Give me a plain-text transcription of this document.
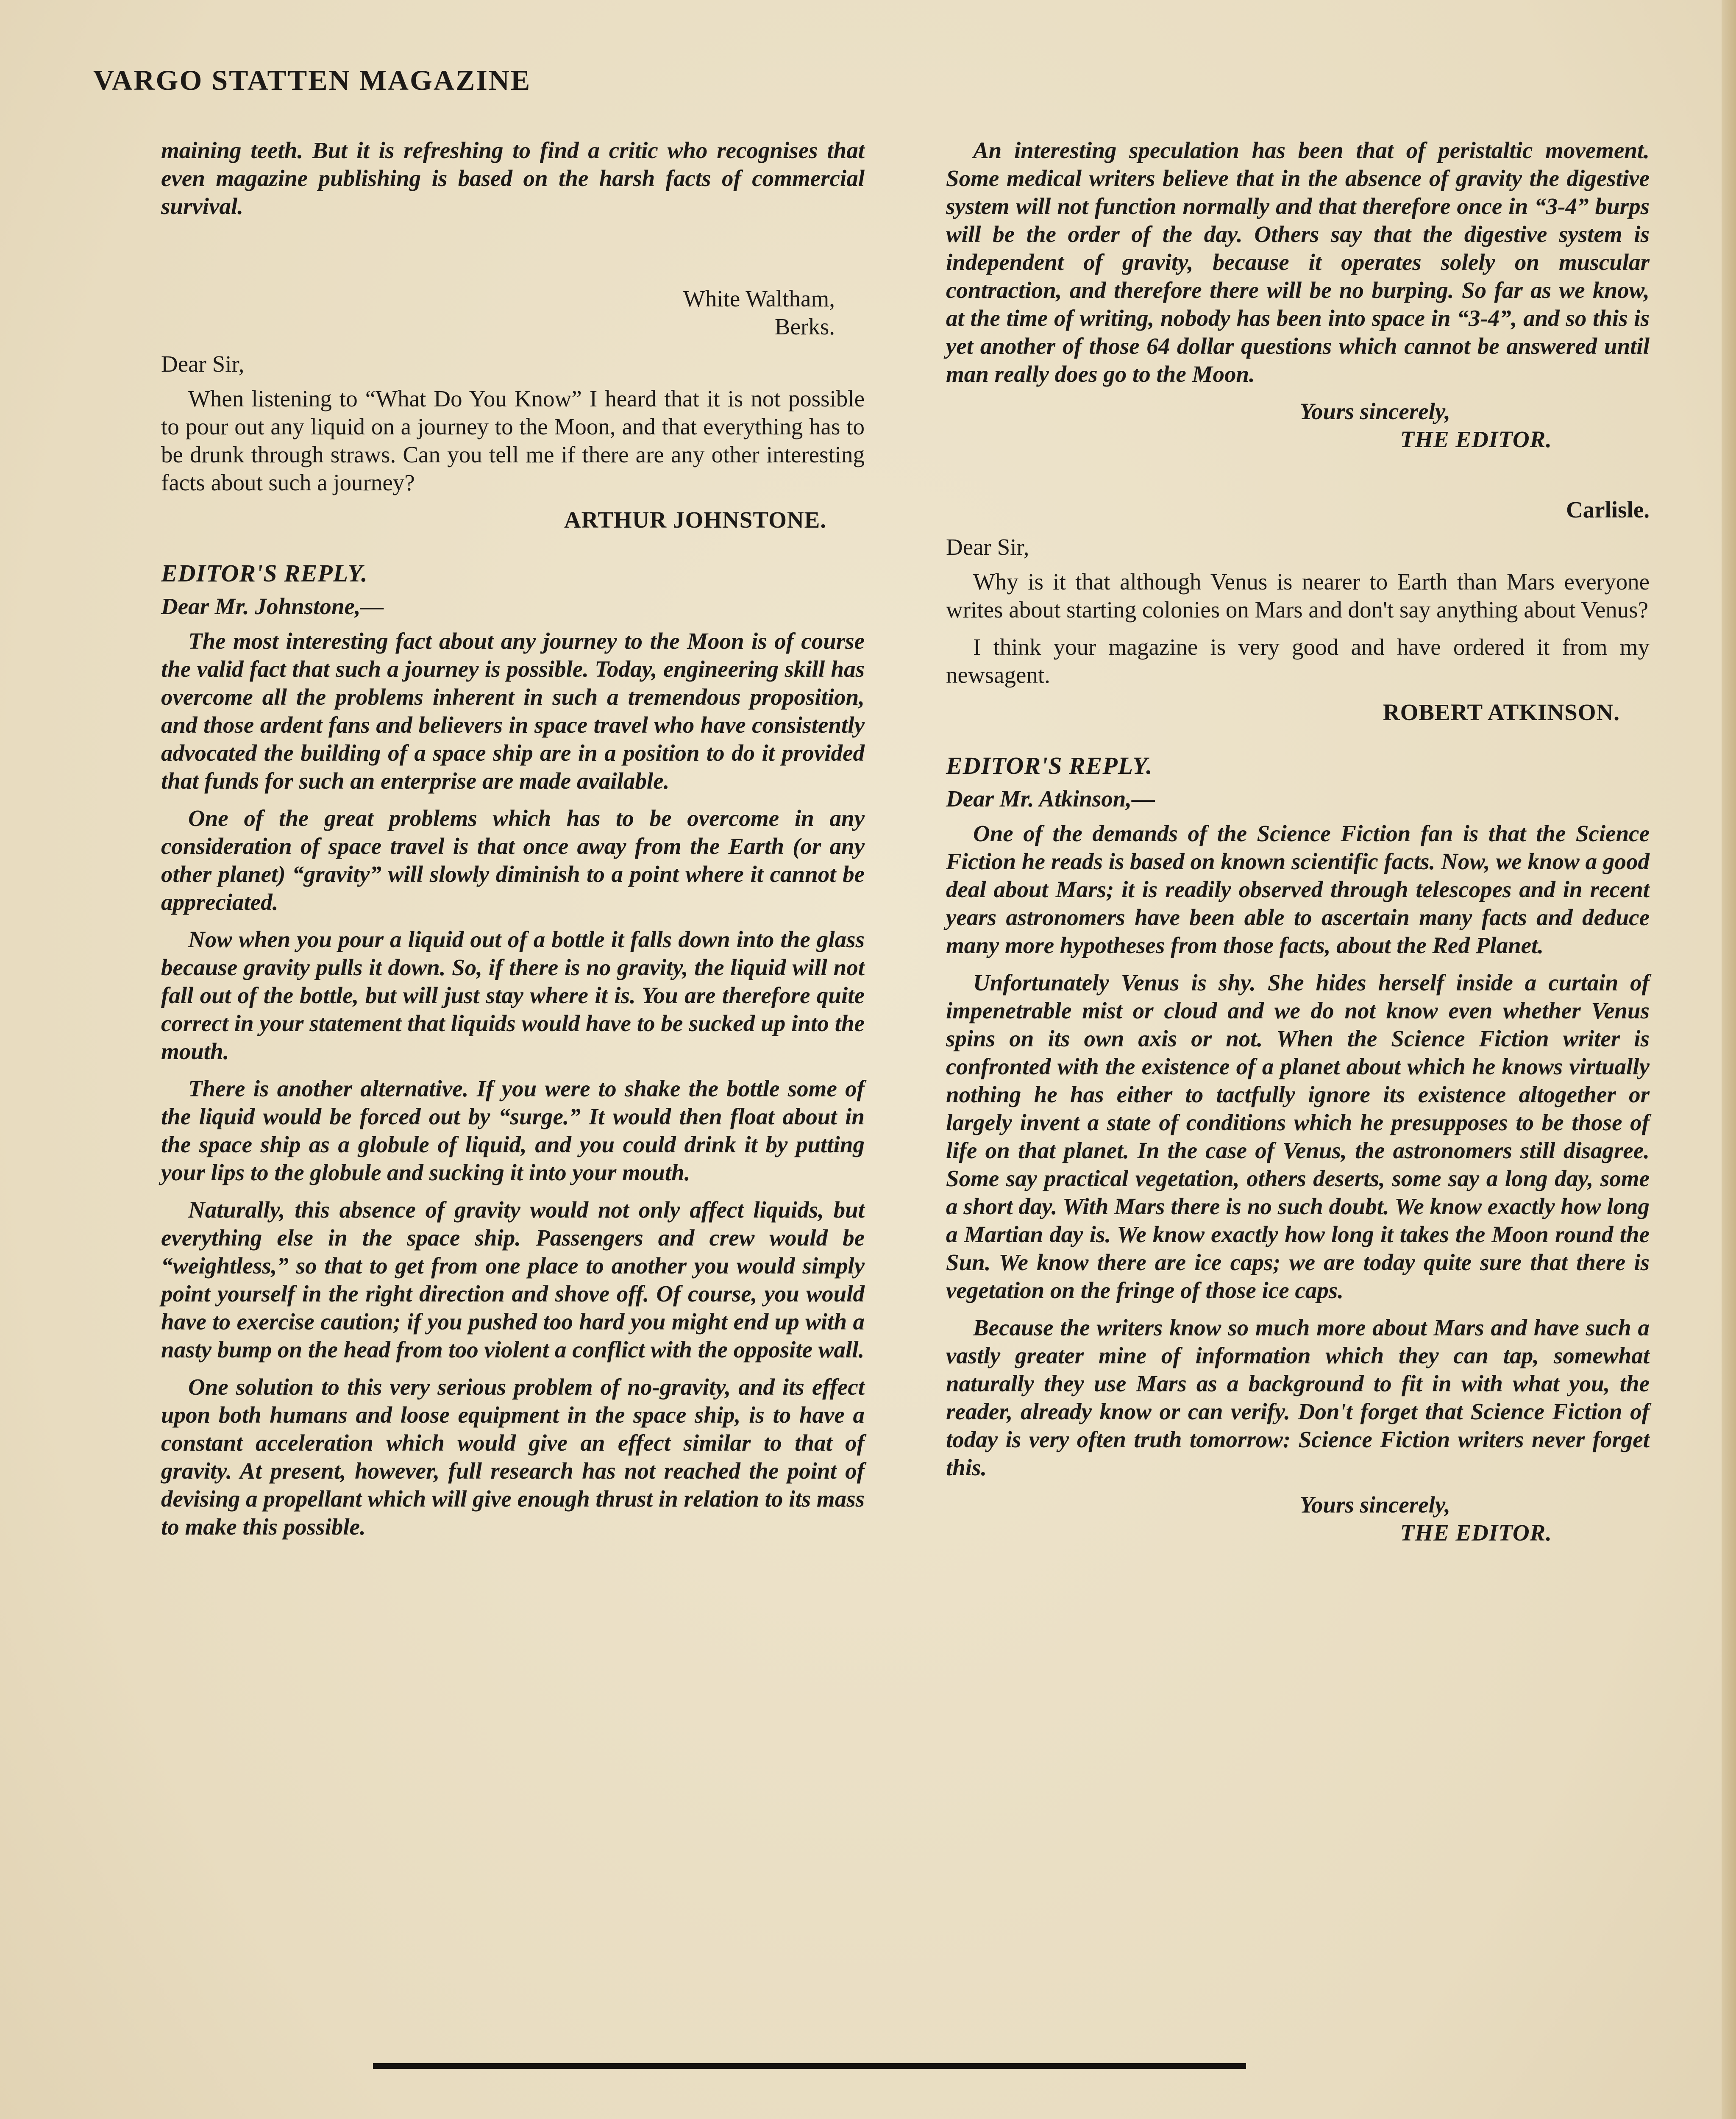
VARGO STATTEN MAGAZINE

maining teeth. But it is refreshing to find a critic who recognises that even magazine publishing is based on the harsh facts of commercial survival.

White Waltham,
Berks.

Dear Sir,

When listening to “What Do You Know” I heard that it is not possible to pour out any liquid on a journey to the Moon, and that everything has to be drunk through straws. Can you tell me if there are any other interesting facts about such a journey?

ARTHUR JOHNSTONE.

EDITOR'S REPLY.

Dear Mr. Johnstone,—

The most interesting fact about any journey to the Moon is of course the valid fact that such a journey is possible. Today, engineering skill has overcome all the problems inherent in such a tremendous proposition, and those ardent fans and believers in space travel who have consistently advocated the building of a space ship are in a position to do it provided that funds for such an enterprise are made available.

One of the great problems which has to be overcome in any consideration of space travel is that once away from the Earth (or any other planet) “gravity” will slowly diminish to a point where it cannot be appreciated.

Now when you pour a liquid out of a bottle it falls down into the glass because gravity pulls it down. So, if there is no gravity, the liquid will not fall out of the bottle, but will just stay where it is. You are therefore quite correct in your statement that liquids would have to be sucked up into the mouth.

There is another alternative. If you were to shake the bottle some of the liquid would be forced out by “surge.” It would then float about in the space ship as a globule of liquid, and you could drink it by putting your lips to the globule and sucking it into your mouth.

Naturally, this absence of gravity would not only affect liquids, but everything else in the space ship. Passengers and crew would be “weightless,” so that to get from one place to another you would simply point yourself in the right direction and shove off. Of course, you would have to exercise caution; if you pushed too hard you might end up with a nasty bump on the head from too violent a conflict with the opposite wall.

One solution to this very serious problem of no-gravity, and its effect upon both humans and loose equipment in the space ship, is to have a constant acceleration which would give an effect similar to that of gravity. At present, however, full research has not reached the point of devising a propellant which will give enough thrust in relation to its mass to make this possible.

An interesting speculation has been that of peristaltic movement. Some medical writers believe that in the absence of gravity the digestive system will not function normally and that therefore once in “3-4” burps will be the order of the day. Others say that the digestive system is independent of gravity, because it operates solely on muscular contraction, and therefore there will be no burping. So far as we know, at the time of writing, nobody has been into space in “3-4”, and so this is yet another of those 64 dollar questions which cannot be answered until man really does go to the Moon.

Yours sincerely,

THE EDITOR.

Carlisle.

Dear Sir,

Why is it that although Venus is nearer to Earth than Mars everyone writes about starting colonies on Mars and don't say anything about Venus?

I think your magazine is very good and have ordered it from my newsagent.

ROBERT ATKINSON.

EDITOR'S REPLY.

Dear Mr. Atkinson,—

One of the demands of the Science Fiction fan is that the Science Fiction he reads is based on known scientific facts. Now, we know a good deal about Mars; it is readily observed through telescopes and in recent years astronomers have been able to ascertain many facts and deduce many more hypotheses from those facts, about the Red Planet.

Unfortunately Venus is shy. She hides herself inside a curtain of impenetrable mist or cloud and we do not know even whether Venus spins on its own axis or not. When the Science Fiction writer is confronted with the existence of a planet about which he knows virtually nothing he has either to tactfully ignore its existence altogether or largely invent a state of conditions which he presupposes to be those of life on that planet. In the case of Venus, the astronomers still disagree. Some say practical vegetation, others deserts, some say a long day, some a short day. With Mars there is no such doubt. We know exactly how long a Martian day is. We know exactly how long it takes the Moon round the Sun. We know there are ice caps; we are today quite sure that there is vegetation on the fringe of those ice caps.

Because the writers know so much more about Mars and have such a vastly greater mine of information which they can tap, somewhat naturally they use Mars as a background to fit in with what you, the reader, already know or can verify. Don't forget that Science Fiction of today is very often truth tomorrow: Science Fiction writers never forget this.

Yours sincerely,

THE EDITOR.
